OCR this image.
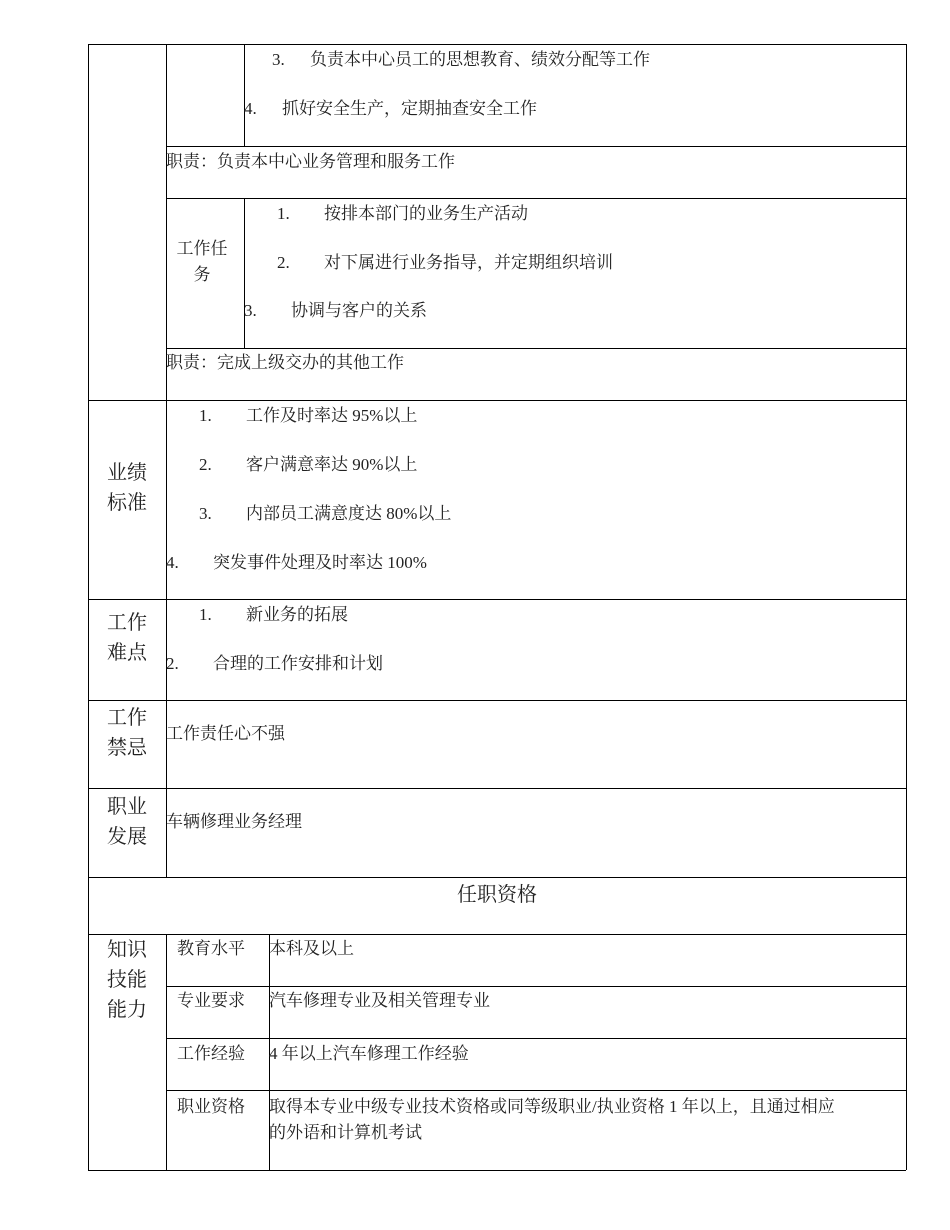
3. 负责本中心员工的思想教育、绩效分配等工作
4. 抓好安全生产，定期抽查安全工作
职责：负责本中心业务管理和服务工作
工作任务
1. 按排本部门的业务生产活动
2. 对下属进行业务指导，并定期组织培训
3. 协调与客户的关系
职责：完成上级交办的其他工作
业绩标准
1. 工作及时率达 95%以上
2. 客户满意率达 90%以上
3. 内部员工满意度达 80%以上
4. 突发事件处理及时率达 100%
工作难点
1. 新业务的拓展
2. 合理的工作安排和计划
工作禁忌
工作责任心不强
职业发展
车辆修理业务经理
任职资格
知识技能能力
教育水平 本科及以上
专业要求 汽车修理专业及相关管理专业
工作经验 4 年以上汽车修理工作经验
职业资格 取得本专业中级专业技术资格或同等级职业/执业资格 1 年以上，且通过相应
的外语和计算机考试
